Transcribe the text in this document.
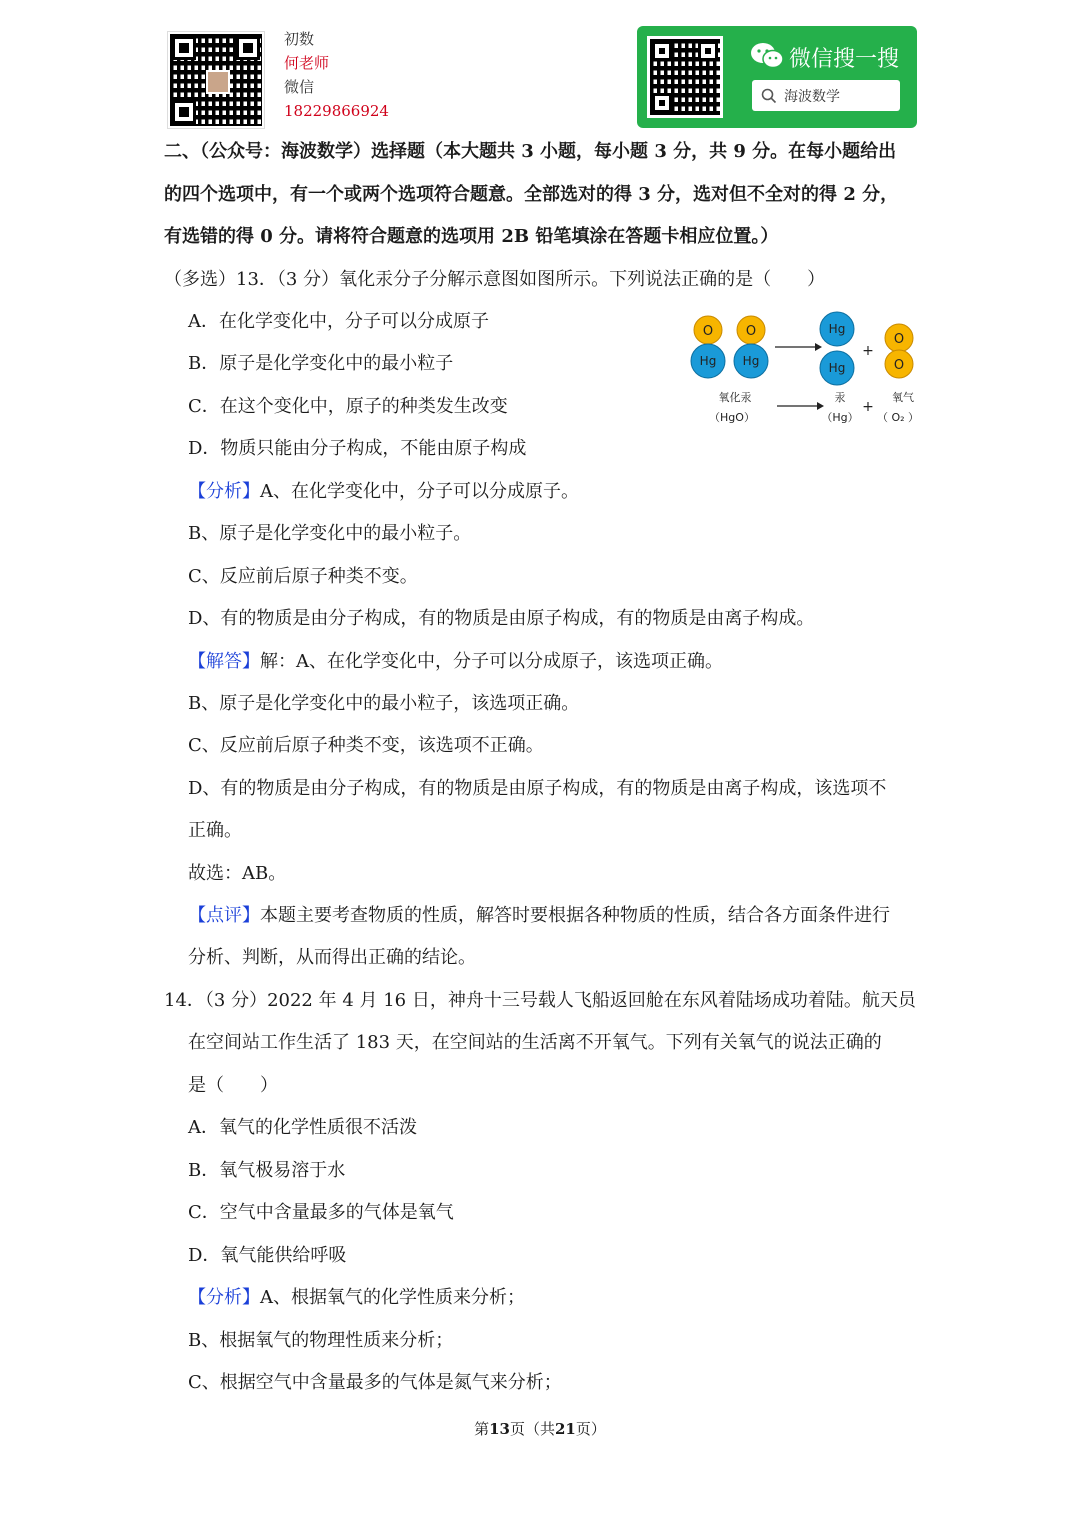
初数
何老师
微信
18229866924
微信搜一搜
海波数学
二、（公众号：海波数学）选择题（本大题共 3 小题，每小题 3 分，共 9 分。在每小题给出
的四个选项中，有一个或两个选项符合题意。全部选对的得 3 分，选对但不全对的得 2 分，
有选错的得 0 分。请将符合题意的选项用 2B 铅笔填涂在答题卡相应位置。）
（多选）13．（3 分）氧化汞分子分解示意图如图所示。下列说法正确的是（　　）
A．在化学变化中，分子可以分成原子
B．原子是化学变化中的最小粒子
C．在这个变化中，原子的种类发生改变
D．物质只能由分子构成，不能由原子构成
O
Hg
O
Hg
Hg
Hg
+
O
O
氧化汞
（HgO）
汞
（Hg）
+
氧气
（ O₂ ）
【分析】A、在化学变化中，分子可以分成原子。
B、原子是化学变化中的最小粒子。
C、反应前后原子种类不变。
D、有的物质是由分子构成，有的物质是由原子构成，有的物质是由离子构成。
【解答】解：A、在化学变化中，分子可以分成原子，该选项正确。
B、原子是化学变化中的最小粒子，该选项正确。
C、反应前后原子种类不变，该选项不正确。
D、有的物质是由分子构成，有的物质是由原子构成，有的物质是由离子构成，该选项不
正确。
故选：AB。
【点评】本题主要考查物质的性质，解答时要根据各种物质的性质，结合各方面条件进行
分析、判断，从而得出正确的结论。
14．（3 分）2022 年 4 月 16 日，神舟十三号载人飞船返回舱在东风着陆场成功着陆。航天员
在空间站工作生活了 183 天，在空间站的生活离不开氧气。下列有关氧气的说法正确的
是（　　）
A．氧气的化学性质很不活泼
B．氧气极易溶于水
C．空气中含量最多的气体是氧气
D．氧气能供给呼吸
【分析】A、根据氧气的化学性质来分析；
B、根据氧气的物理性质来分析；
C、根据空气中含量最多的气体是氮气来分析；
第13页（共21页）
